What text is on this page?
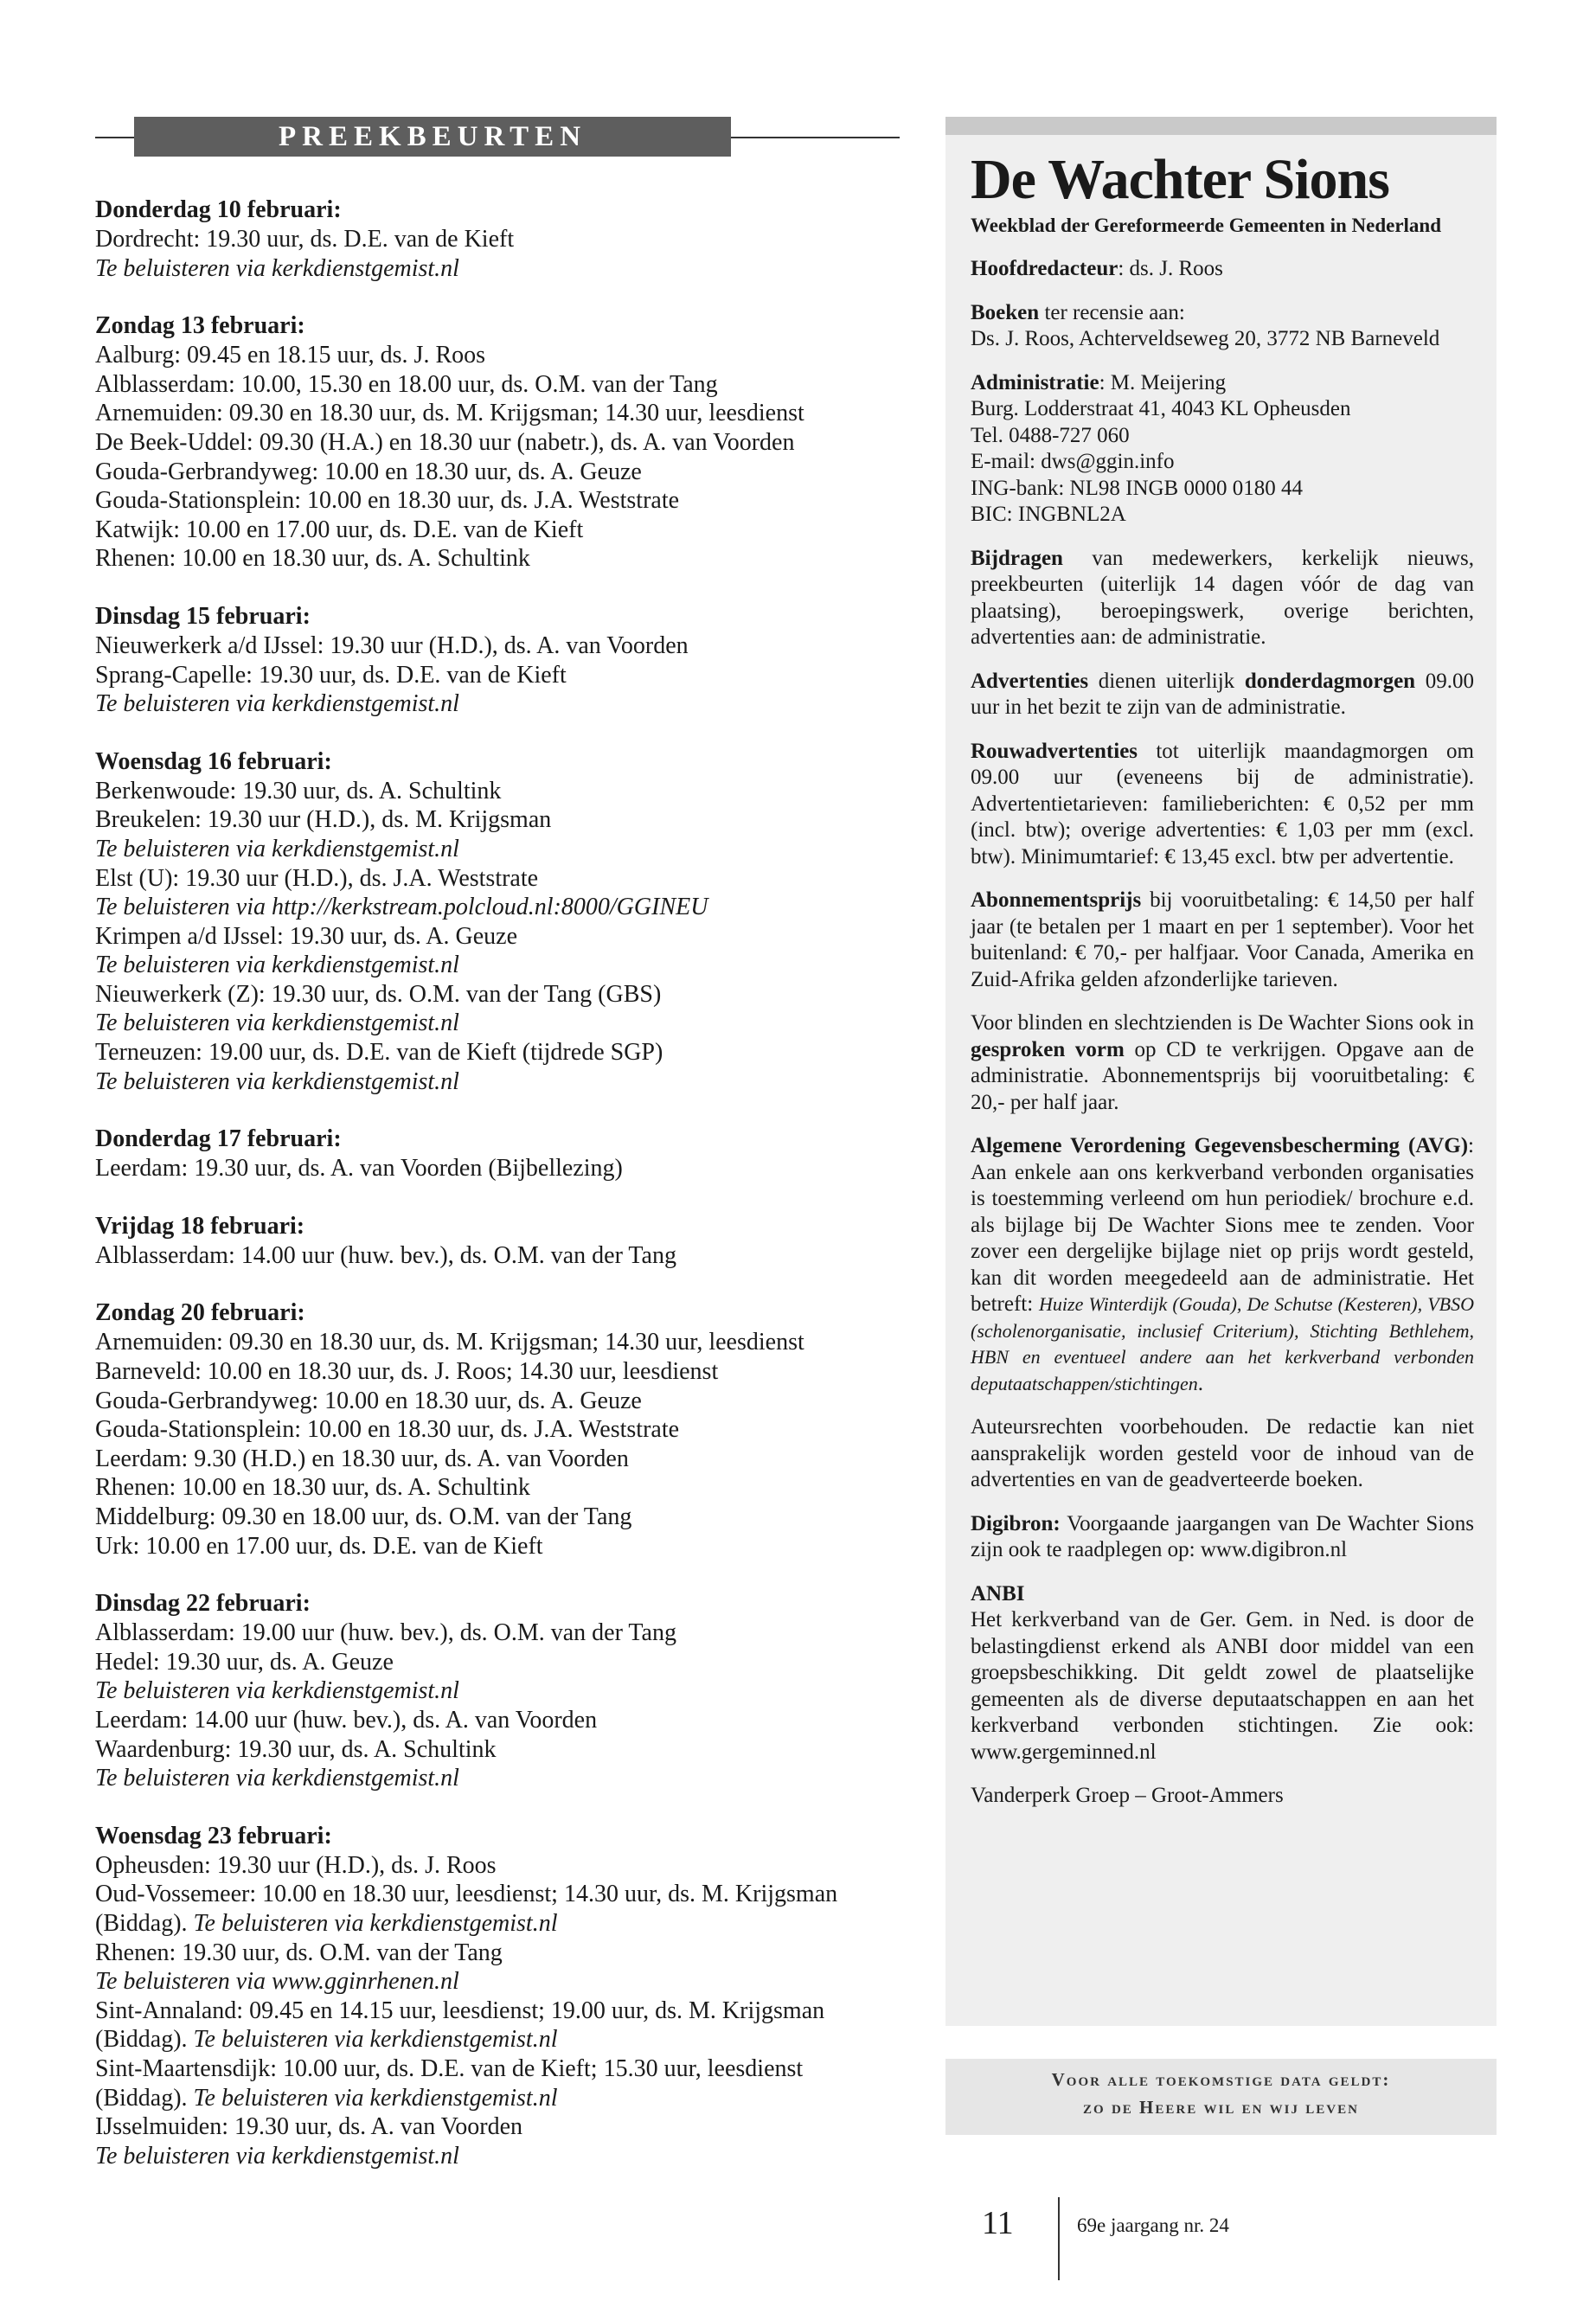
PREEKBEURTEN
Donderdag 10 februari:
Dordrecht: 19.30 uur, ds. D.E. van de Kieft
Te beluisteren via kerkdienstgemist.nl
Zondag 13 februari:
Aalburg: 09.45 en 18.15 uur, ds. J. Roos
Alblasserdam: 10.00, 15.30 en 18.00 uur, ds. O.M. van der Tang
Arnemuiden: 09.30 en 18.30 uur, ds. M. Krijgsman; 14.30 uur, leesdienst
De Beek-Uddel: 09.30 (H.A.) en 18.30 uur (nabetr.), ds. A. van Voorden
Gouda-Gerbrandyweg: 10.00 en 18.30 uur, ds. A. Geuze
Gouda-Stationsplein: 10.00 en 18.30 uur, ds. J.A. Weststrate
Katwijk: 10.00 en 17.00 uur, ds. D.E. van de Kieft
Rhenen: 10.00 en 18.30 uur, ds. A. Schultink
Dinsdag 15 februari:
Nieuwerkerk a/d IJssel: 19.30 uur (H.D.), ds. A. van Voorden
Sprang-Capelle: 19.30 uur, ds. D.E. van de Kieft
Te beluisteren via kerkdienstgemist.nl
Woensdag 16 februari:
Berkenwoude: 19.30 uur, ds. A. Schultink
Breukelen: 19.30 uur (H.D.), ds. M. Krijgsman
Te beluisteren via kerkdienstgemist.nl
Elst (U): 19.30 uur (H.D.), ds. J.A. Weststrate
Te beluisteren via http://kerkstream.polcloud.nl:8000/GGINEU
Krimpen a/d IJssel: 19.30 uur, ds. A. Geuze
Te beluisteren via kerkdienstgemist.nl
Nieuwerkerk (Z): 19.30 uur, ds. O.M. van der Tang (GBS)
Te beluisteren via kerkdienstgemist.nl
Terneuzen: 19.00 uur, ds. D.E. van de Kieft (tijdrede SGP)
Te beluisteren via kerkdienstgemist.nl
Donderdag 17 februari:
Leerdam: 19.30 uur, ds. A. van Voorden (Bijbellezing)
Vrijdag 18 februari:
Alblasserdam: 14.00 uur (huw. bev.), ds. O.M. van der Tang
Zondag 20 februari:
Arnemuiden: 09.30 en 18.30 uur, ds. M. Krijgsman; 14.30 uur, leesdienst
Barneveld: 10.00 en 18.30 uur, ds. J. Roos; 14.30 uur, leesdienst
Gouda-Gerbrandyweg: 10.00 en 18.30 uur, ds. A. Geuze
Gouda-Stationsplein: 10.00 en 18.30 uur, ds. J.A. Weststrate
Leerdam: 9.30 (H.D.) en 18.30 uur, ds. A. van Voorden
Rhenen: 10.00 en 18.30 uur, ds. A. Schultink
Middelburg: 09.30 en 18.00 uur, ds. O.M. van der Tang
Urk: 10.00 en 17.00 uur, ds. D.E. van de Kieft
Dinsdag 22 februari:
Alblasserdam: 19.00 uur (huw. bev.), ds. O.M. van der Tang
Hedel: 19.30 uur, ds. A. Geuze
Te beluisteren via kerkdienstgemist.nl
Leerdam: 14.00 uur (huw. bev.), ds. A. van Voorden
Waardenburg: 19.30 uur, ds. A. Schultink
Te beluisteren via kerkdienstgemist.nl
Woensdag 23 februari:
Opheusden: 19.30 uur (H.D.), ds. J. Roos
Oud-Vossemeer: 10.00 en 18.30 uur, leesdienst; 14.30 uur, ds. M. Krijgsman
(Biddag). Te beluisteren via kerkdienstgemist.nl
Rhenen: 19.30 uur, ds. O.M. van der Tang
Te beluisteren via www.gginrhenen.nl
Sint-Annaland: 09.45 en 14.15 uur, leesdienst; 19.00 uur, ds. M. Krijgsman
(Biddag). Te beluisteren via kerkdienstgemist.nl
Sint-Maartensdijk: 10.00 uur, ds. D.E. van de Kieft; 15.30 uur, leesdienst
(Biddag). Te beluisteren via kerkdienstgemist.nl
IJsselmuiden: 19.30 uur, ds. A. van Voorden
Te beluisteren via kerkdienstgemist.nl
De Wachter Sions
Weekblad der Gereformeerde Gemeenten in Nederland
Hoofdredacteur: ds. J. Roos
Boeken ter recensie aan:
Ds. J. Roos, Achterveldseweg 20, 3772 NB Barneveld
Administratie: M. Meijering
Burg. Lodderstraat 41, 4043 KL Opheusden
Tel. 0488-727 060
E-mail: dws@ggin.info
ING-bank: NL98 INGB 0000 0180 44
BIC: INGBNL2A
Bijdragen van medewerkers, kerkelijk nieuws, preekbeurten (uiterlijk 14 dagen vóór de dag van plaatsing), beroepingswerk, overige berichten, advertenties aan: de administratie.
Advertenties dienen uiterlijk donderdagmorgen 09.00 uur in het bezit te zijn van de administratie.
Rouwadvertenties tot uiterlijk maandagmorgen om 09.00 uur (eveneens bij de administratie). Advertentietarieven: familieberichten: € 0,52 per mm (incl. btw); overige advertenties: € 1,03 per mm (excl. btw). Minimumtarief: € 13,45 excl. btw per advertentie.
Abonnementsprijs bij vooruitbetaling: € 14,50 per half jaar (te betalen per 1 maart en per 1 september). Voor het buitenland: € 70,- per halfjaar. Voor Canada, Amerika en Zuid-Afrika gelden afzonderlijke tarieven.
Voor blinden en slechtzienden is De Wachter Sions ook in gesproken vorm op CD te verkrijgen. Opgave aan de administratie. Abonnementsprijs bij vooruitbetaling: € 20,- per half jaar.
Algemene Verordening Gegevensbescherming (AVG): Aan enkele aan ons kerkverband verbonden organisaties is toestemming verleend om hun periodiek/ brochure e.d. als bijlage bij De Wachter Sions mee te zenden. Voor zover een dergelijke bijlage niet op prijs wordt gesteld, kan dit worden meegedeeld aan de administratie. Het betreft: Huize Winterdijk (Gouda), De Schutse (Kesteren), VBSO (scholenorganisatie, inclusief Criterium), Stichting Bethlehem, HBN en eventueel andere aan het kerkverband verbonden deputaatschappen/stichtingen.
Auteursrechten voorbehouden. De redactie kan niet aansprakelijk worden gesteld voor de inhoud van de advertenties en van de geadverteerde boeken.
Digibron: Voorgaande jaargangen van De Wachter Sions zijn ook te raadplegen op: www.digibron.nl
ANBI
Het kerkverband van de Ger. Gem. in Ned. is door de belastingdienst erkend als ANBI door middel van een groepsbeschikking. Dit geldt zowel de plaatselijke gemeenten als de diverse deputaatschappen en aan het kerkverband verbonden stichtingen. Zie ook: www.gergeminned.nl
Vanderperk Groep – Groot-Ammers
Voor alle toekomstige data geldt:
zo de Heere wil en wij leven
11	69e jaargang nr. 24
